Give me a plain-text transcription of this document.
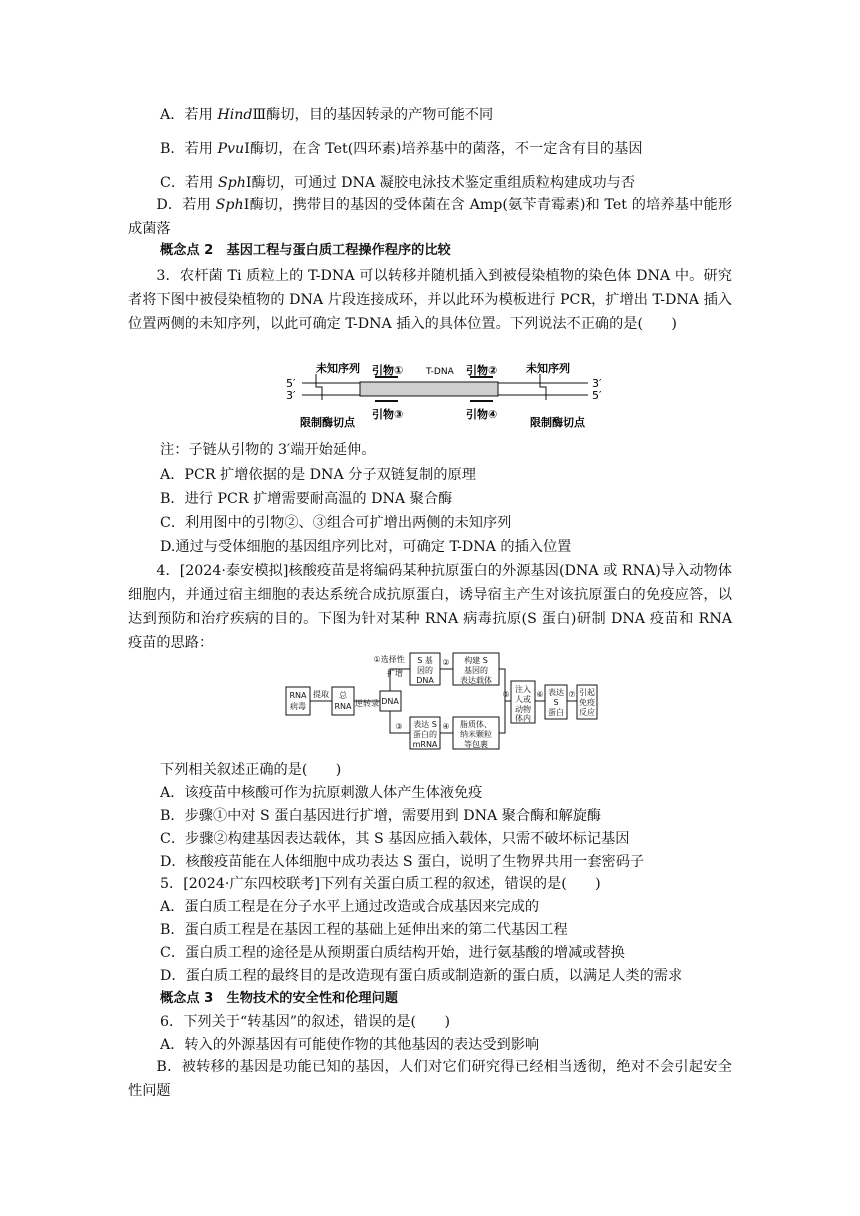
A．若用 HindⅢ酶切，目的基因转录的产物可能不同
B．若用 PvuⅠ酶切，在含 Tet(四环素)培养基中的菌落，不一定含有目的基因
C．若用 SphⅠ酶切，可通过 DNA 凝胶电泳技术鉴定重组质粒构建成功与否
D．若用 SphⅠ酶切，携带目的基因的受体菌在含 Amp(氨苄青霉素)和 Tet 的培养基中能形成菌落
概念点 2　基因工程与蛋白质工程操作程序的比较
3．农杆菌 Ti 质粒上的 T-DNA 可以转移并随机插入到被侵染植物的染色体 DNA 中。研究者将下图中被侵染植物的 DNA 片段连接成环，并以此环为模板进行 PCR，扩增出 T-DNA 插入位置两侧的未知序列，以此可确定 T-DNA 插入的具体位置。下列说法不正确的是(　　)
5′
3′
3′
5′
未知序列	未知序列
引物①	T-DNA 引物②
引物③	引物④
限制酶切点	限制酶切点
注：子链从引物的 3′端开始延伸。
A．PCR 扩增依据的是 DNA 分子双链复制的原理
B．进行 PCR 扩增需要耐高温的 DNA 聚合酶
C．利用图中的引物②、③组合可扩增出两侧的未知序列
D.通过与受体细胞的基因组序列比对，可确定 T-DNA 的插入位置
4．[2024·泰安模拟]核酸疫苗是将编码某种抗原蛋白的外源基因(DNA 或 RNA)导入动物体细胞内，并通过宿主细胞的表达系统合成抗原蛋白，诱导宿主产生对该抗原蛋白的免疫应答，以达到预防和治疗疾病的目的。下图为针对某种 RNA 病毒抗原(S 蛋白)研制 DNA 疫苗和 RNA 疫苗的思路：
RNA
病毒
提取 总
RNA 逆转录 DNA
①选择性
扩增
S 基
因的
DNA
② 构建 S
基因的
表达载体
③ 表达 S
蛋白的
mRNA
④ 脂质体、
纳米颗粒
等包裹
⑤
注入
人或
动物
体内
⑥ 表达
S
蛋白
⑦ 引起
免疫
反应
下列相关叙述正确的是(　　)
A．该疫苗中核酸可作为抗原刺激人体产生体液免疫
B．步骤①中对 S 蛋白基因进行扩增，需要用到 DNA 聚合酶和解旋酶
C．步骤②构建基因表达载体，其 S 基因应插入载体，只需不破坏标记基因
D．核酸疫苗能在人体细胞中成功表达 S 蛋白，说明了生物界共用一套密码子
5．[2024·广东四校联考]下列有关蛋白质工程的叙述，错误的是(　　)
A．蛋白质工程是在分子水平上通过改造或合成基因来完成的
B．蛋白质工程是在基因工程的基础上延伸出来的第二代基因工程
C．蛋白质工程的途径是从预期蛋白质结构开始，进行氨基酸的增减或替换
D．蛋白质工程的最终目的是改造现有蛋白质或制造新的蛋白质，以满足人类的需求
概念点 3　生物技术的安全性和伦理问题
6．下列关于“转基因”的叙述，错误的是(　　)
A．转入的外源基因有可能使作物的其他基因的表达受到影响
B．被转移的基因是功能已知的基因，人们对它们研究得已经相当透彻，绝对不会引起安全性问题
